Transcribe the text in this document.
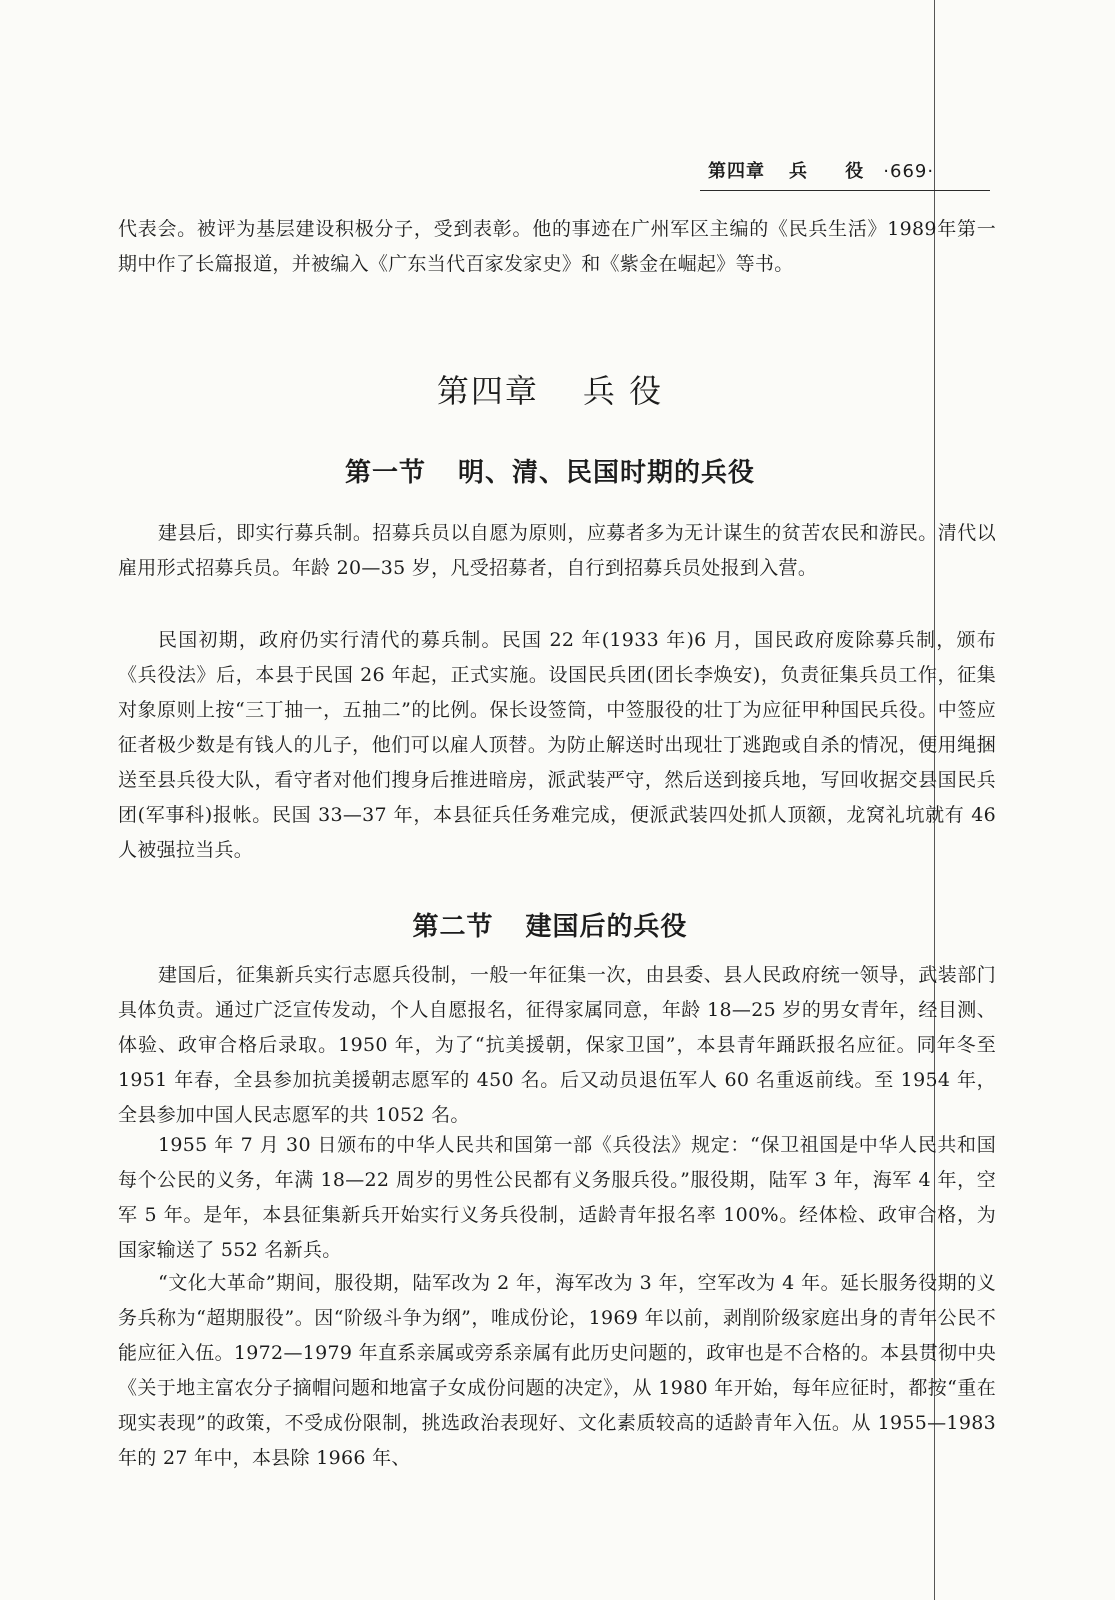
第四章 兵 役 ·669·

代表会。被评为基层建设积极分子，受到表彰。他的事迹在广州军区主编的《民兵生活》1989年第一期中作了长篇报道，并被编入《广东当代百家发家史》和《紫金在崛起》等书。

第四章 兵 役
第一节 明、清、民国时期的兵役

建县后，即实行募兵制。招募兵员以自愿为原则，应募者多为无计谋生的贫苦农民和游民。清代以雇用形式招募兵员。年龄 20—35 岁，凡受招募者，自行到招募兵员处报到入营。

民国初期，政府仍实行清代的募兵制。民国 22 年(1933 年)6 月，国民政府废除募兵制，颁布《兵役法》后，本县于民国 26 年起，正式实施。设国民兵团(团长李焕安)，负责征集兵员工作，征集对象原则上按“三丁抽一，五抽二”的比例。保长设签筒，中签服役的壮丁为应征甲种国民兵役。中签应征者极少数是有钱人的儿子，他们可以雇人顶替。为防止解送时出现壮丁逃跑或自杀的情况，便用绳捆送至县兵役大队，看守者对他们搜身后推进暗房，派武装严守，然后送到接兵地，写回收据交县国民兵团(军事科)报帐。民国 33—37 年，本县征兵任务难完成，便派武装四处抓人顶额，龙窝礼坑就有 46 人被强拉当兵。

第二节 建国后的兵役

建国后，征集新兵实行志愿兵役制，一般一年征集一次，由县委、县人民政府统一领导，武装部门具体负责。通过广泛宣传发动，个人自愿报名，征得家属同意，年龄 18—25 岁的男女青年，经目测、体验、政审合格后录取。1950 年，为了“抗美援朝，保家卫国”，本县青年踊跃报名应征。同年冬至 1951 年春，全县参加抗美援朝志愿军的 450 名。后又动员退伍军人 60 名重返前线。至 1954 年，全县参加中国人民志愿军的共 1052 名。

1955 年 7 月 30 日颁布的中华人民共和国第一部《兵役法》规定：“保卫祖国是中华人民共和国每个公民的义务，年满 18—22 周岁的男性公民都有义务服兵役。”服役期，陆军 3 年，海军 4 年，空军 5 年。是年，本县征集新兵开始实行义务兵役制，适龄青年报名率 100%。经体检、政审合格，为国家输送了 552 名新兵。

“文化大革命”期间，服役期，陆军改为 2 年，海军改为 3 年，空军改为 4 年。延长服务役期的义务兵称为“超期服役”。因“阶级斗争为纲”，唯成份论，1969 年以前，剥削阶级家庭出身的青年公民不能应征入伍。1972—1979 年直系亲属或旁系亲属有此历史问题的，政审也是不合格的。本县贯彻中央《关于地主富农分子摘帽问题和地富子女成份问题的决定》，从 1980 年开始，每年应征时，都按“重在现实表现”的政策，不受成份限制，挑选政治表现好、文化素质较高的适龄青年入伍。从 1955—1983 年的 27 年中，本县除 1966 年、
